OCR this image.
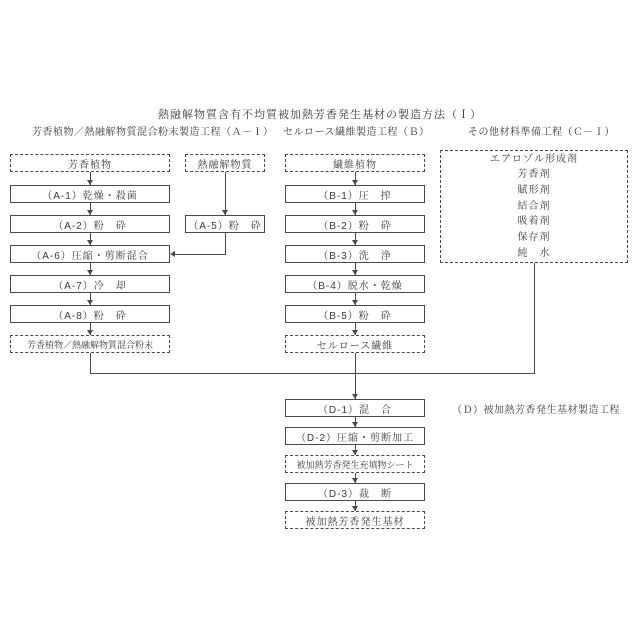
熱融解物質含有不均質被加熱芳香発生基材の製造方法（Ｉ）
芳香植物／熱融解物質混合粉末製造工程（Ａ－Ｉ） セルロース繊維製造工程（Ｂ）	その他材料準備工程（Ｃ－Ｉ）
芳香植物
（A-1）乾燥・殺菌
（A-2）粉　砕
（A-6）圧縮・剪断混合
（A-7）冷　却
（A-8）粉　砕
芳香植物／熱融解物質混合粉末
熱融解物質
（A-5）粉　砕
繊維植物
（B-1）圧　搾
（B-2）粉　砕
（B-3）洗　浄
（B-4）脱水・乾燥
（B-5）粉　砕
セルロース繊維
エアロゾル形成剤
芳香剤
賦形剤
結合剤
吸着剤
保存剤
純　水
（D-1）混　合
（D-2）圧縮・剪断加工
被加熱芳香発生充填物シート
（D-3）裁　断
被加熱芳香発生基材
（Ｄ）被加熱芳香発生基材製造工程
